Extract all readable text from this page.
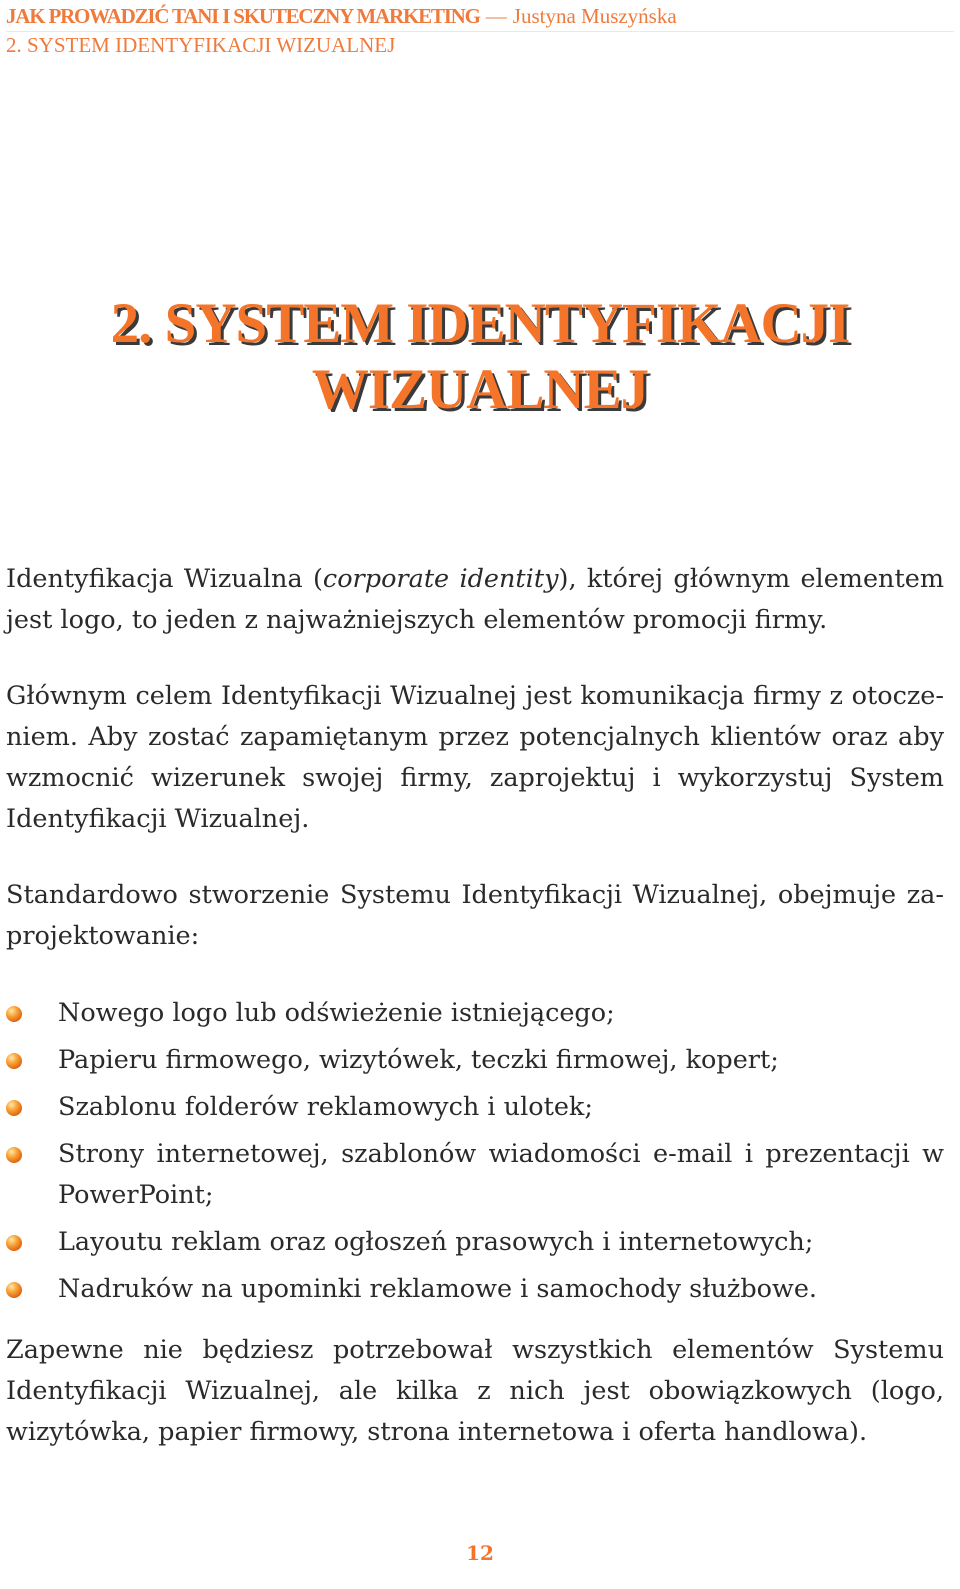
JAK PROWADZIĆ TANI I SKUTECZNY MARKETING — Justyna Muszyńska
2. SYSTEM IDENTYFIKACJI WIZUALNEJ
2. SYSTEM IDENTYFIKACJI
WIZUALNEJ

Identyfikacja Wizualna (corporate identity), której głównym elementem jest logo, to jeden z najważniejszych elementów promocji firmy.

Głównym celem Identyfikacji Wizualnej jest komunikacja firmy z otoczeniem. Aby zostać zapamiętanym przez potencjalnych klientów oraz aby wzmocnić wizerunek swojej firmy, zaprojektuj i wykorzystuj System Identyfikacji Wizualnej.

Standardowo stworzenie Systemu Identyfikacji Wizualnej, obejmuje zaprojektowanie:

Nowego logo lub odświeżenie istniejącego;
Papieru firmowego, wizytówek, teczki firmowej, kopert;
Szablonu folderów reklamowych i ulotek;
Strony internetowej, szablonów wiadomości e-mail i prezentacji w PowerPoint;
Layoutu reklam oraz ogłoszeń prasowych i internetowych;
Nadruków na upominki reklamowe i samochody służbowe.

Zapewne nie będziesz potrzebował wszystkich elementów Systemu Identyfikacji Wizualnej, ale kilka z nich jest obowiązkowych (logo, wizytówka, papier firmowy, strona internetowa i oferta handlowa).

12
